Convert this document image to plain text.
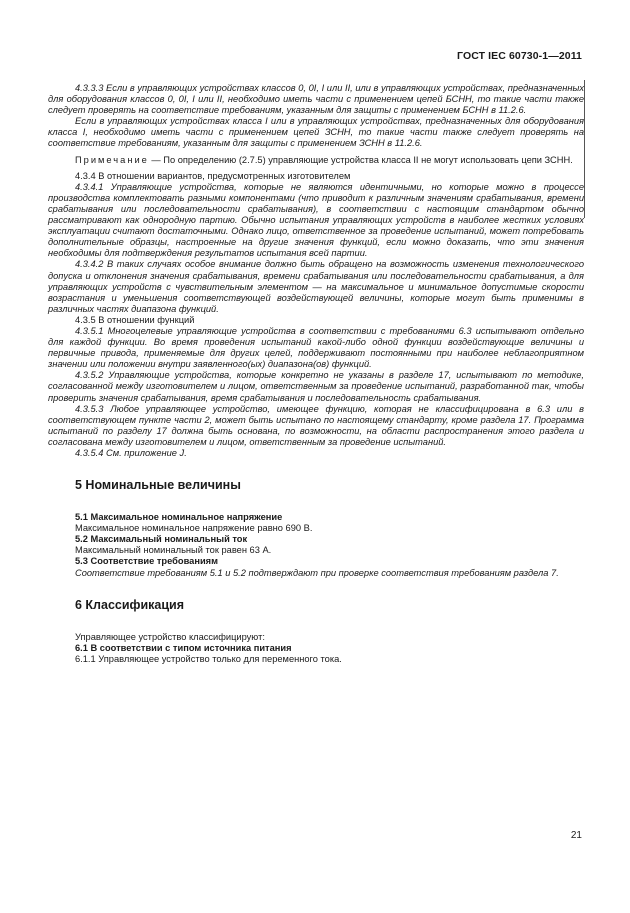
ГОСТ IEC 60730-1—2011

4.3.3.3 Если в управляющих устройствах классов 0, 0I, I или II, или в управляющих устройствах, предназначенных для оборудования классов 0, 0I, I или II, необходимо иметь части с применением цепей БСНН, то такие части также следует проверять на соответствие требованиям, указанным для защиты с применением БСНН в 11.2.6.

Если в управляющих устройствах класса I или в управляющих устройствах, предназначенных для оборудования класса I, необходимо иметь части с применением цепей ЗСНН, то такие части также следует проверять на соответствие требованиям, указанным для защиты с применением ЗСНН в 11.2.6.

Примечание — По определению (2.7.5) управляющие устройства класса II не могут использовать цепи ЗСНН.

4.3.4 В отношении вариантов, предусмотренных изготовителем

4.3.4.1 Управляющие устройства, которые не являются идентичными, но которые можно в процессе производства комплектовать разными компонентами (что приводит к различным значениям срабатывания, времени срабатывания или последовательности срабатывания), в соответствии с настоящим стандартом обычно рассматривают как однородную партию. Обычно испытания управляющих устройств в наиболее жестких условиях эксплуатации считают достаточными. Однако лицо, ответственное за проведение испытаний, может потребовать дополнительные образцы, настроенные на другие значения функций, если можно доказать, что эти значения необходимы для подтверждения результатов испытания всей партии.

4.3.4.2 В таких случаях особое внимание должно быть обращено на возможность изменения технологического допуска и отклонения значения срабатывания, времени срабатывания или последовательности срабатывания, а для управляющих устройств с чувствительным элементом — на максимальное и минимальное допустимые скорости возрастания и уменьшения соответствующей воздействующей величины, которые могут быть применимы в различных частях диапазона функций.

4.3.5 В отношении функций

4.3.5.1 Многоцелевые управляющие устройства в соответствии с требованиями 6.3 испытывают отдельно для каждой функции. Во время проведения испытаний какой-либо одной функции воздействующие величины и первичные привода, применяемые для других целей, поддерживают постоянными при наиболее неблагоприятном значении или положении внутри заявленного(ых) диапазона(ов) функций.

4.3.5.2 Управляющие устройства, которые конкретно не указаны в разделе 17, испытывают по методике, согласованной между изготовителем и лицом, ответственным за проведение испытаний, разработанной так, чтобы проверить значения срабатывания, время срабатывания и последовательность срабатывания.

4.3.5.3 Любое управляющее устройство, имеющее функцию, которая не классифицирована в 6.3 или в соответствующем пункте части 2, может быть испытано по настоящему стандарту, кроме раздела 17. Программа испытаний по разделу 17 должна быть основана, по возможности, на области распространения этого раздела и согласована между изготовителем и лицом, ответственным за проведение испытаний.

4.3.5.4 См. приложение J.

5 Номинальные величины

5.1 Максимальное номинальное напряжение

Максимальное номинальное напряжение равно 690 В.

5.2 Максимальный номинальный ток

Максимальный номинальный ток равен 63 А.

5.3 Соответствие требованиям

Соответствие требованиям 5.1 и 5.2 подтверждают при проверке соответствия требованиям раздела 7.

6 Классификация

Управляющее устройство классифицируют:

6.1 В соответствии с типом источника питания

6.1.1 Управляющее устройство только для переменного тока.

21
